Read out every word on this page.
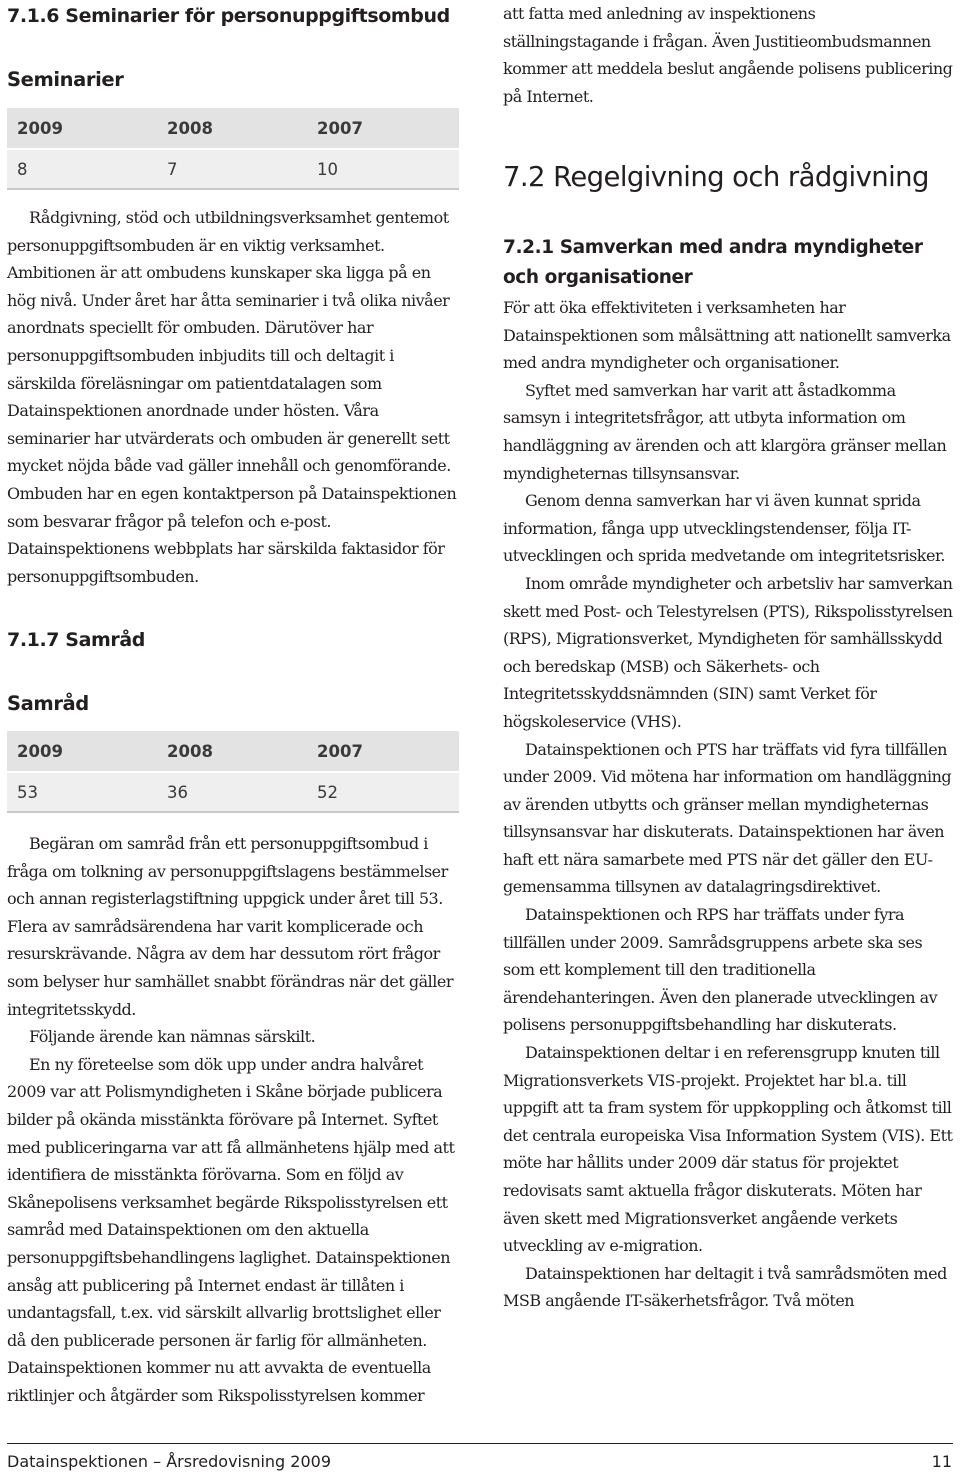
7.1.6 Seminarier för personuppgiftsombud
Seminarier
2009	2008	2007
8	7	10

Rådgivning, stöd och utbildningsverksamhet gentemot personuppgiftsombuden är en viktig verksamhet. Ambitionen är att ombudens kunskaper ska ligga på en hög nivå. Under året har åtta seminarier i två olika nivåer anordnats speciellt för ombuden. Därutöver har personuppgiftsombuden inbjudits till och deltagit i särskilda föreläsningar om patientdatalagen som Datainspektionen anordnade under hösten. Våra seminarier har utvärderats och ombuden är generellt sett mycket nöjda både vad gäller innehåll och genomförande. Ombuden har en egen kontaktperson på Datainspektionen som besvarar frågor på telefon och e-post. Datainspektionens webbplats har särskilda faktasidor för personuppgiftsombuden.

7.1.7 Samråd
Samråd
2009	2008	2007
53	36	52

Begäran om samråd från ett personuppgiftsombud i fråga om tolkning av personuppgiftslagens bestämmelser och annan registerlagstiftning uppgick under året till 53. Flera av samrådsärendena har varit komplicerade och resurskrävande. Några av dem har dessutom rört frågor som belyser hur samhället snabbt förändras när det gäller integritetsskydd.

Följande ärende kan nämnas särskilt.

En ny företeelse som dök upp under andra halvåret 2009 var att Polismyndigheten i Skåne började publicera bilder på okända misstänkta förövare på Internet. Syftet med publiceringarna var att få allmänhetens hjälp med att identifiera de misstänkta förövarna. Som en följd av Skånepolisens verksamhet begärde Rikspolisstyrelsen ett samråd med Datainspektionen om den aktuella personuppgiftsbehandlingens laglighet. Datainspektionen ansåg att publicering på Internet endast är tillåten i undantagsfall, t.ex. vid särskilt allvarlig brottslighet eller då den publicerade personen är farlig för allmänheten. Datainspektionen kommer nu att avvakta de eventuella riktlinjer och åtgärder som Rikspolisstyrelsen kommer

att fatta med anledning av inspektionens ställningstagande i frågan. Även Justitieombudsmannen kommer att meddela beslut angående polisens publicering på Internet.

7.2 Regelgivning och rådgivning
7.2.1 Samverkan med andra myndigheter och organisationer

För att öka effektiviteten i verksamheten har Datainspektionen som målsättning att nationellt samverka med andra myndigheter och organisationer.

Syftet med samverkan har varit att åstadkomma samsyn i integritetsfrågor, att utbyta information om handläggning av ärenden och att klargöra gränser mellan myndigheternas tillsynsansvar.

Genom denna samverkan har vi även kunnat sprida information, fånga upp utvecklingstendenser, följa IT-utvecklingen och sprida medvetande om integritetsrisker.

Inom område myndigheter och arbetsliv har samverkan skett med Post- och Telestyrelsen (PTS), Rikspolisstyrelsen (RPS), Migrationsverket, Myndigheten för samhällsskydd och beredskap (MSB) och Säkerhets- och Integritetsskyddsnämnden (SIN) samt Verket för högskoleservice (VHS).

Datainspektionen och PTS har träffats vid fyra tillfällen under 2009. Vid mötena har information om handläggning av ärenden utbytts och gränser mellan myndigheternas tillsynsansvar har diskuterats. Datainspektionen har även haft ett nära samarbete med PTS när det gäller den EU-gemensamma tillsynen av datalagringsdirektivet.

Datainspektionen och RPS har träffats under fyra tillfällen under 2009. Samrådsgruppens arbete ska ses som ett komplement till den traditionella ärendehanteringen. Även den planerade utvecklingen av polisens personuppgiftsbehandling har diskuterats.

Datainspektionen deltar i en referensgrupp knuten till Migrationsverkets VIS-projekt. Projektet har bl.a. till uppgift att ta fram system för uppkoppling och åtkomst till det centrala europeiska Visa Information System (VIS). Ett möte har hållits under 2009 där status för projektet redovisats samt aktuella frågor diskuterats. Möten har även skett med Migrationsverket angående verkets utveckling av e-migration.

Datainspektionen har deltagit i två samrådsmöten med MSB angående IT-säkerhetsfrågor. Två möten

Datainspektionen – Årsredovisning 2009	11
